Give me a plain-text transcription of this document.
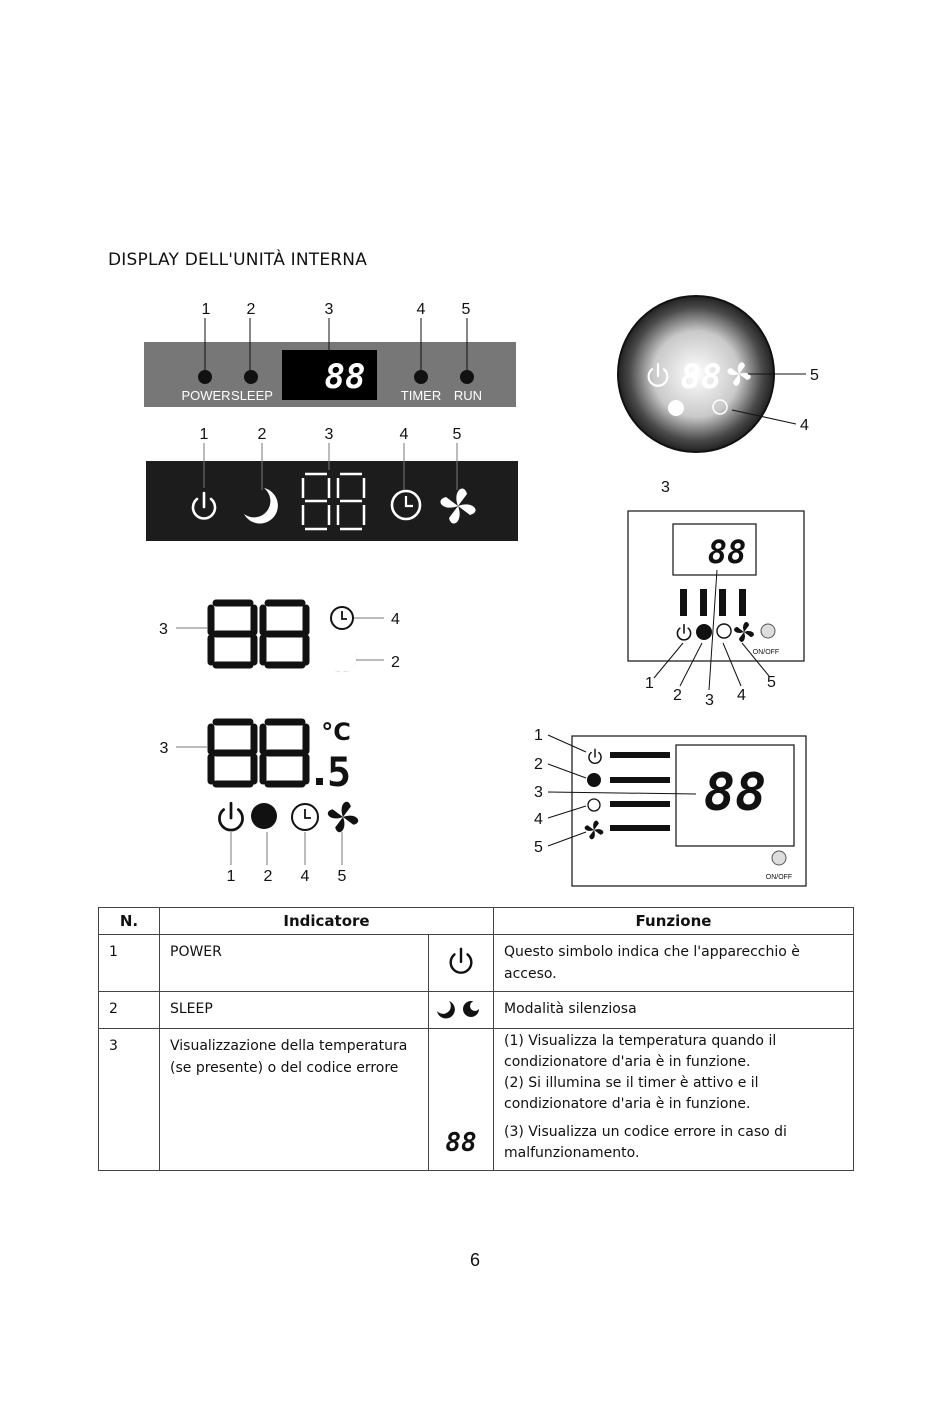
DISPLAY DELL'UNITÀ INTERNA
88
POWER SLEEP	TIMER RUN
1 2	3	4 5
1	2	3	4	5
88	5
4
3
88
ON/OFF
1
2 3 4
5
3
4
2
5
°C
3
1 2 4 5
88
ON/OFF
1
2
3
4
5
N.	Indicatore		Funzione

1	POWER		Questo simbolo indica che l'apparecchio è acceso.

2	SLEEP		Modalità silenziosa

3	Visualizzazione della temperatura (se presente) o del codice errore	88	(1) Visualizza la temperatura quando il condizionatore d'aria è in funzione.
(2) Si illumina se il timer è attivo e il condizionatore d'aria è in funzione.
(3) Visualizza un codice errore in caso di malfunzionamento.
6
